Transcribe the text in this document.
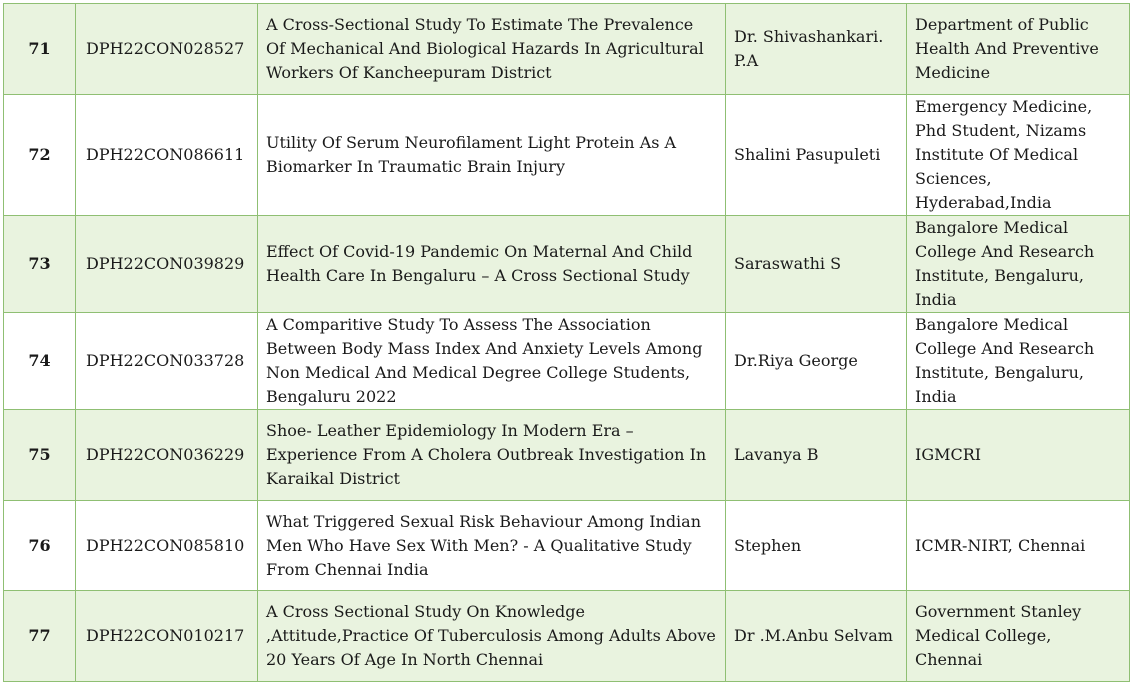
71	DPH22CON028527	A Cross-Sectional Study To Estimate The Prevalence Of Mechanical And Biological Hazards In Agricultural Workers Of Kancheepuram District	Dr. Shivashankari. P.A	Department of Public Health And Preventive Medicine
72	DPH22CON086611	Utility Of Serum Neurofilament Light Protein As A Biomarker In Traumatic Brain Injury	Shalini Pasupuleti	Emergency Medicine, Phd Student, Nizams Institute Of Medical Sciences, Hyderabad,India
73	DPH22CON039829	Effect Of Covid-19 Pandemic On Maternal And Child Health Care In Bengaluru – A Cross Sectional Study	Saraswathi S	Bangalore Medical College And Research Institute, Bengaluru, India
74	DPH22CON033728	A Comparitive Study To Assess The Association Between Body Mass Index And Anxiety Levels Among Non Medical And Medical Degree College Students, Bengaluru 2022	Dr.Riya George	Bangalore Medical College And Research Institute, Bengaluru, India
75	DPH22CON036229	Shoe- Leather Epidemiology In Modern Era – Experience From A Cholera Outbreak Investigation In Karaikal District	Lavanya B	IGMCRI
76	DPH22CON085810	What Triggered Sexual Risk Behaviour Among Indian Men Who Have Sex With Men? - A Qualitative Study From Chennai India	Stephen	ICMR-NIRT, Chennai
77	DPH22CON010217	A Cross Sectional Study On Knowledge ,Attitude,Practice Of Tuberculosis Among Adults Above 20 Years Of Age In North Chennai	Dr .M.Anbu Selvam	Government Stanley Medical College, Chennai
